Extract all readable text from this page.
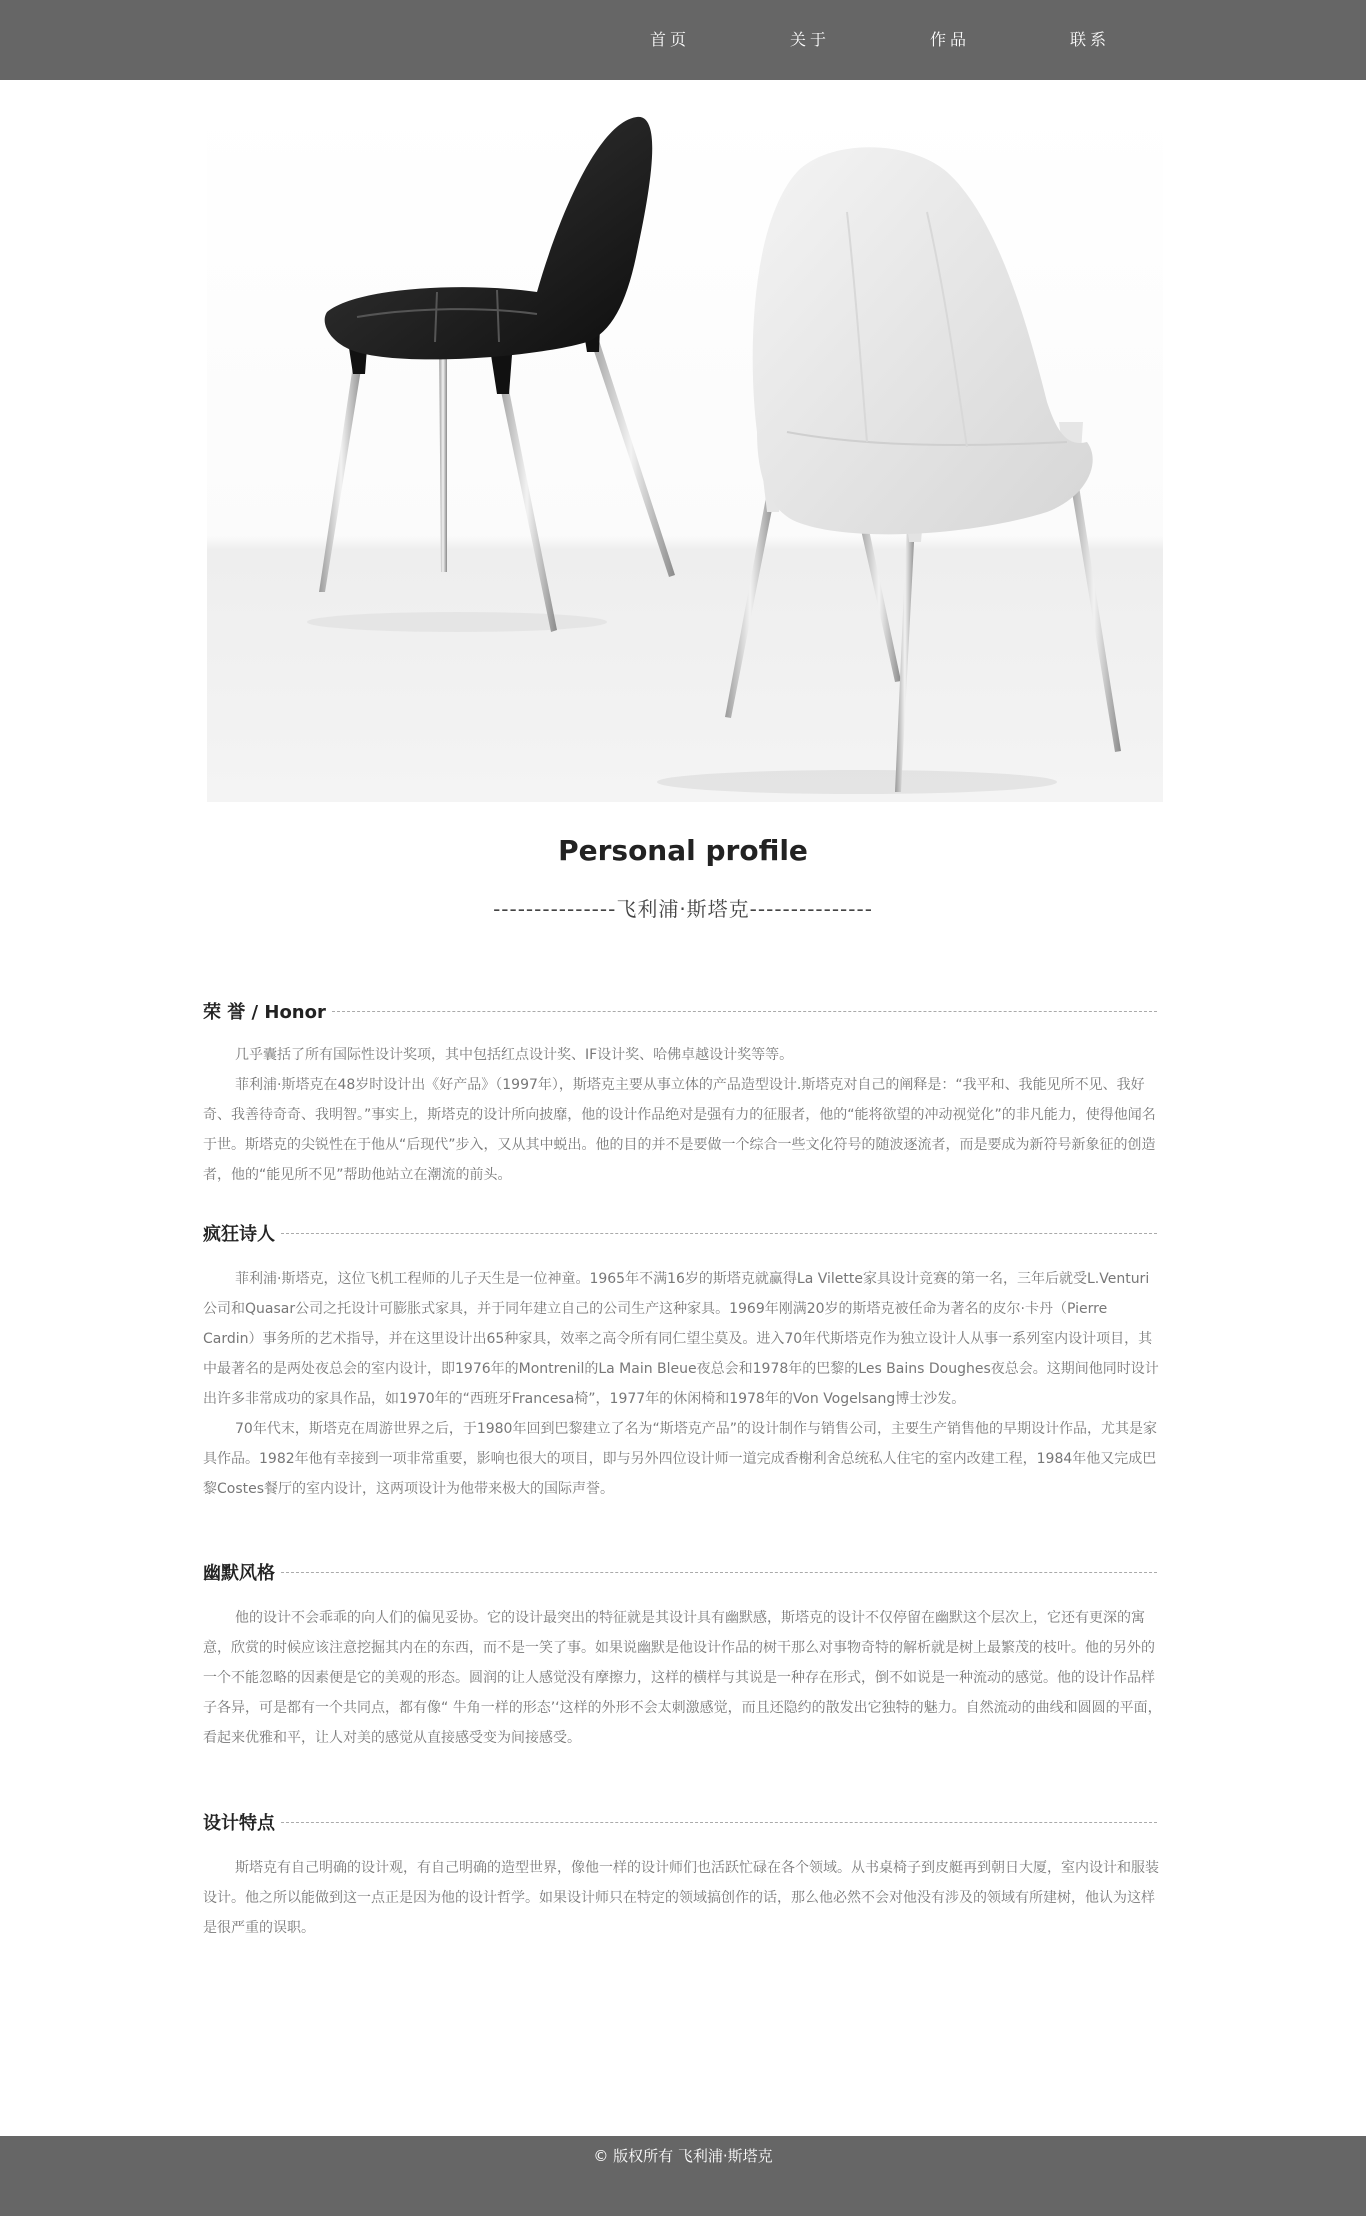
首页	关于	作品	联系
Personal profile
---------------飞利浦·斯塔克---------------
荣 誉 / Honor

几乎囊括了所有国际性设计奖项，其中包括红点设计奖、IF设计奖、哈佛卓越设计奖等等。

菲利浦·斯塔克在48岁时设计出《好产品》（1997年），斯塔克主要从事立体的产品造型设计.斯塔克对自己的阐释是：“我平和、我能见所不见、我好奇、我善待奇奇、我明智。”事实上，斯塔克的设计所向披靡，他的设计作品绝对是强有力的征服者，他的“能将欲望的冲动视觉化”的非凡能力，使得他闻名于世。斯塔克的尖锐性在于他从“后现代”步入，又从其中蜕出。他的目的并不是要做一个综合一些文化符号的随波逐流者，而是要成为新符号新象征的创造者，他的“能见所不见”帮助他站立在潮流的前头。

疯狂诗人

菲利浦·斯塔克，这位飞机工程师的儿子天生是一位神童。1965年不满16岁的斯塔克就赢得La Vilette家具设计竞赛的第一名，三年后就受L.Venturi公司和Quasar公司之托设计可膨胀式家具，并于同年建立自己的公司生产这种家具。1969年刚满20岁的斯塔克被任命为著名的皮尔·卡丹（Pierre Cardin）事务所的艺术指导，并在这里设计出65种家具，效率之高令所有同仁望尘莫及。进入70年代斯塔克作为独立设计人从事一系列室内设计项目，其中最著名的是两处夜总会的室内设计，即1976年的Montrenil的La Main Bleue夜总会和1978年的巴黎的Les Bains Doughes夜总会。这期间他同时设计出许多非常成功的家具作品，如1970年的“西班牙Francesa椅”，1977年的休闲椅和1978年的Von Vogelsang博士沙发。

70年代末，斯塔克在周游世界之后，于1980年回到巴黎建立了名为“斯塔克产品”的设计制作与销售公司，主要生产销售他的早期设计作品，尤其是家具作品。1982年他有幸接到一项非常重要，影响也很大的项目，即与另外四位设计师一道完成香榭利舍总统私人住宅的室内改建工程，1984年他又完成巴黎Costes餐厅的室内设计，这两项设计为他带来极大的国际声誉。

幽默风格

他的设计不会乖乖的向人们的偏见妥协。它的设计最突出的特征就是其设计具有幽默感，斯塔克的设计不仅停留在幽默这个层次上，它还有更深的寓意，欣赏的时候应该注意挖掘其内在的东西，而不是一笑了事。如果说幽默是他设计作品的树干那么对事物奇特的解析就是树上最繁茂的枝叶。他的另外的一个不能忽略的因素便是它的美观的形态。圆润的让人感觉没有摩擦力，这样的横样与其说是一种存在形式，倒不如说是一种流动的感觉。他的设计作品样子各异，可是都有一个共同点，都有像“ 牛角一样的形态’‘这样的外形不会太刺激感觉，而且还隐约的散发出它独特的魅力。自然流动的曲线和圆圆的平面，看起来优雅和平，让人对美的感觉从直接感受变为间接感受。

设计特点

斯塔克有自己明确的设计观，有自己明确的造型世界，像他一样的设计师们也活跃忙碌在各个领域。从书桌椅子到皮艇再到朝日大厦，室内设计和服装设计。他之所以能做到这一点正是因为他的设计哲学。如果设计师只在特定的领域搞创作的话，那么他必然不会对他没有涉及的领域有所建树，他认为这样是很严重的误职。

© 版权所有 飞利浦·斯塔克
